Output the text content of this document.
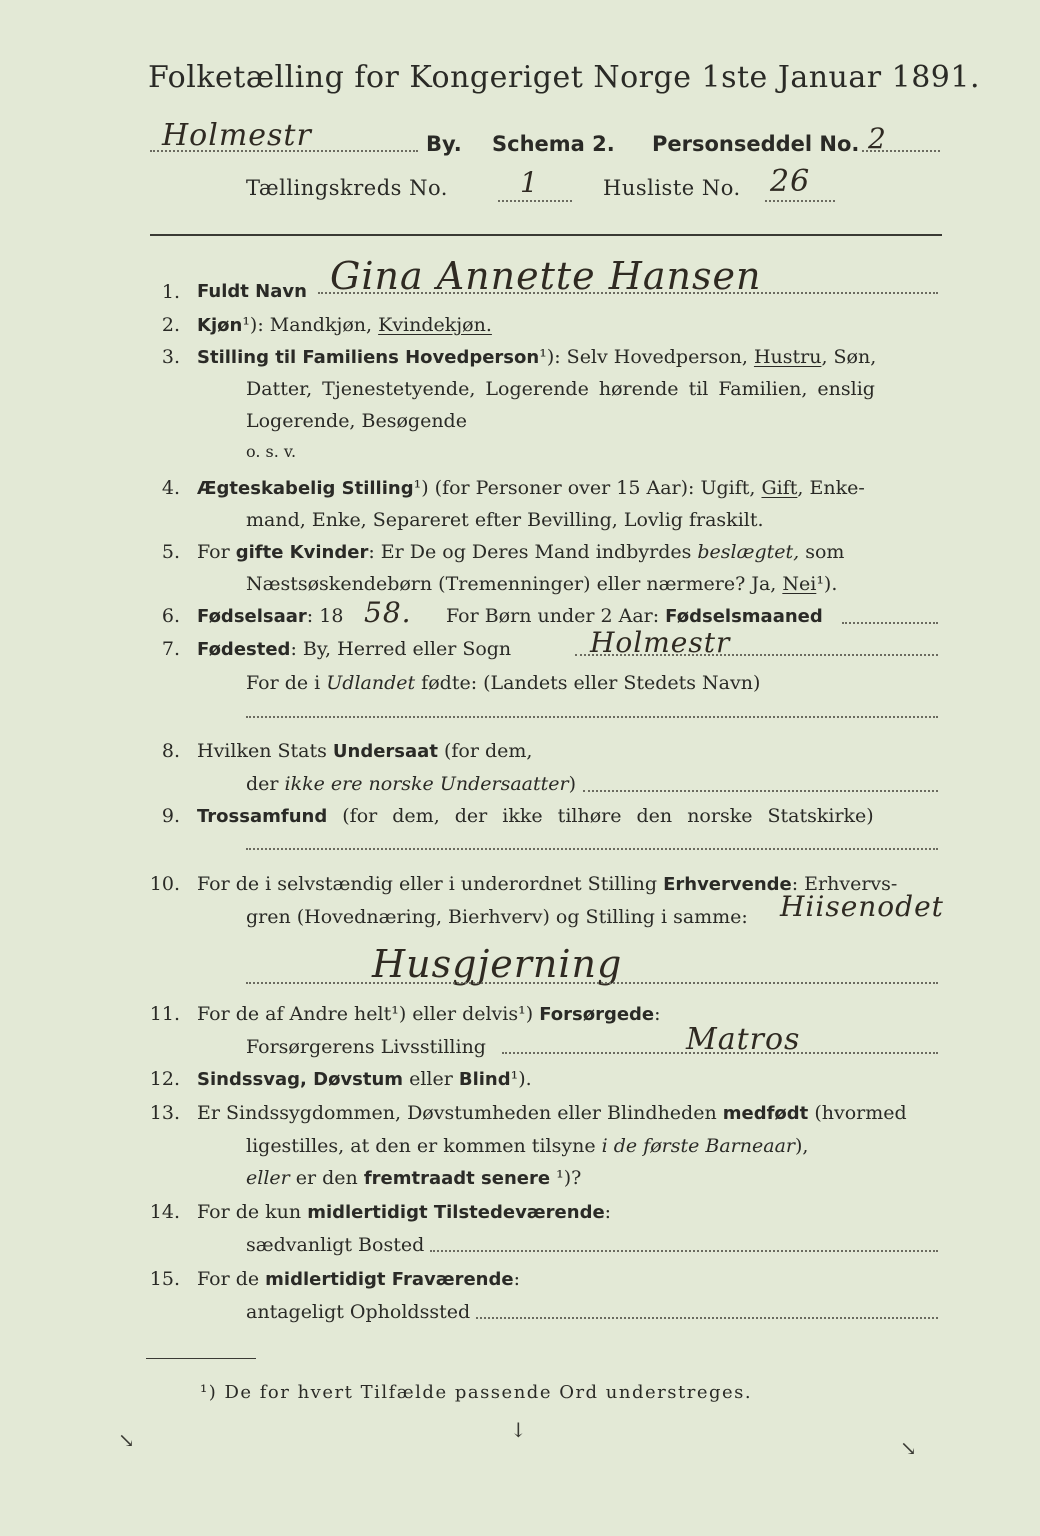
Folketælling for Kongeriget Norge 1ste Januar 1891.
Holmestr	By. Schema 2. Personseddel No. 2
Tællingskreds No.	1	Husliste No. 26
1. Fuldt Navn Gina Annette Hansen
2. Kjøn¹): Mandkjøn, Kvindekjøn.
3. Stilling til Familiens Hovedperson¹): Selv Hovedperson, Hustru, Søn,
Datter, Tjenestetyende, Logerende hørende til Familien, enslig
Logerende, Besøgende
o. s. v.
4. Ægteskabelig Stilling¹) (for Personer over 15 Aar): Ugift, Gift, Enke-
mand, Enke, Separeret efter Bevilling, Lovlig fraskilt.
5. For gifte Kvinder: Er De og Deres Mand indbyrdes beslægtet, som
Næstsøskendebørn (Tremenninger) eller nærmere? Ja, Nei¹).
6. Fødselsaar: 18 58. For Børn under 2 Aar: Fødselsmaaned
7. Fødested: By, Herred eller Sogn	Holmestr
For de i Udlandet fødte: (Landets eller Stedets Navn)
8. Hvilken Stats Undersaat (for dem,
der ikke ere norske Undersaatter)
9. Trossamfund (for dem, der ikke tilhøre den norske Statskirke)
10. For de i selvstændig eller i underordnet Stilling Erhvervende: Erhvervs-
gren (Hovednæring, Bierhverv) og Stilling i samme: Hiisenodet
Husgjerning
11. For de af Andre helt¹) eller delvis¹) Forsørgede:
Forsørgerens Livsstilling	Matros
12. Sindssvag, Døvstum eller Blind¹).
13. Er Sindssygdommen, Døvstumheden eller Blindheden medfødt (hvormed
ligestilles, at den er kommen tilsyne i de første Barneaar),
eller er den fremtraadt senere ¹)?
14. For de kun midlertidigt Tilstedeværende:
sædvanligt Bosted
15. For de midlertidigt Fraværende:
antageligt Opholdssted
¹) De for hvert Tilfælde passende Ord understreges.
↘	↓
↘
